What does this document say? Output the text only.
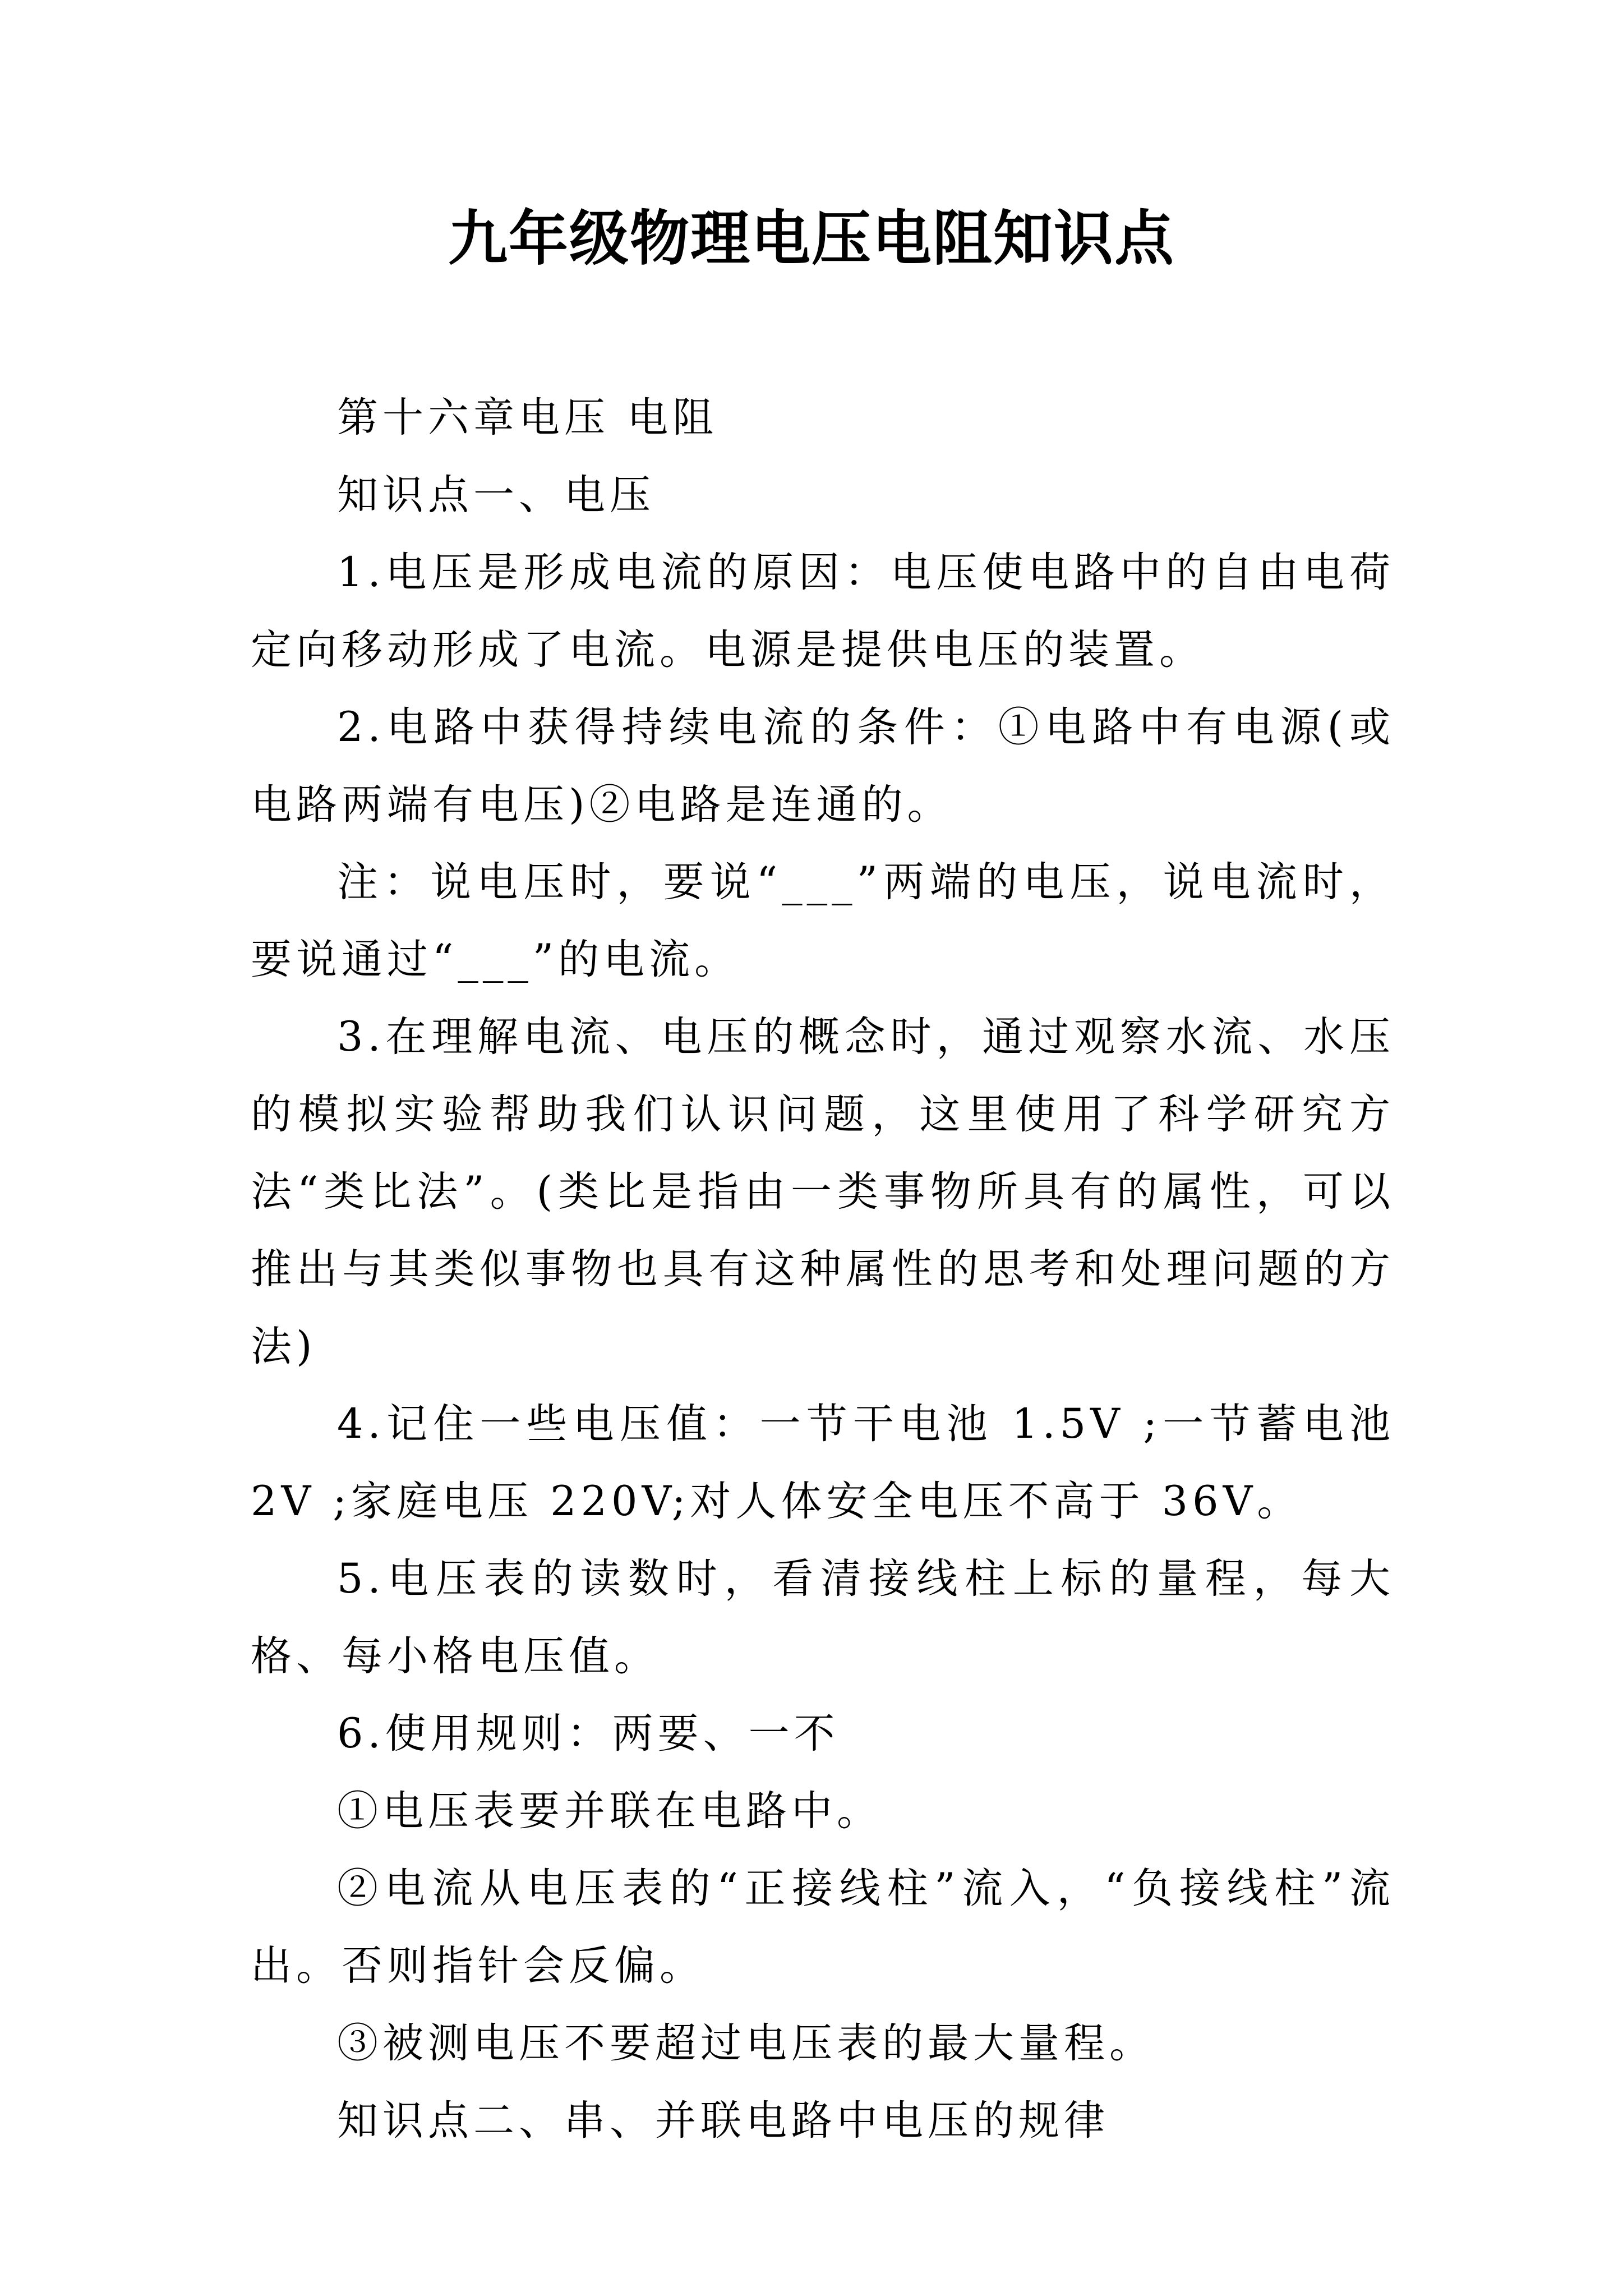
九年级物理电压电阻知识点

第十六章电压 电阻

知识点一、电压

1.电压是形成电流的原因：电压使电路中的自由电荷定向移动形成了电流。电源是提供电压的装置。

2.电路中获得持续电流的条件：①电路中有电源(或电路两端有电压)②电路是连通的。

注：说电压时，要说“___”两端的电压，说电流时，要说通过“___”的电流。

3.在理解电流、电压的概念时，通过观察水流、水压的模拟实验帮助我们认识问题，这里使用了科学研究方法“类比法”。(类比是指由一类事物所具有的属性，可以推出与其类似事物也具有这种属性的思考和处理问题的方法)

4.记住一些电压值：一节干电池 1.5V ;一节蓄电池 2V ;家庭电压 220V;对人体安全电压不高于 36V。

5.电压表的读数时，看清接线柱上标的量程，每大格、每小格电压值。

6.使用规则：两要、一不

①电压表要并联在电路中。

②电流从电压表的“正接线柱”流入，“负接线柱”流出。否则指针会反偏。

③被测电压不要超过电压表的最大量程。

知识点二、串、并联电路中电压的规律
